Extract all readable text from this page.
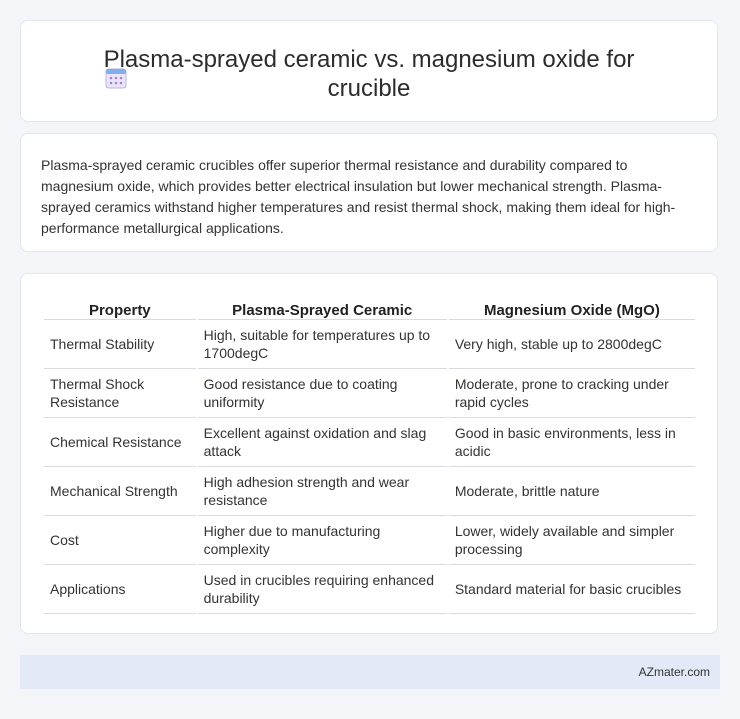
Plasma-sprayed ceramic vs. magnesium oxide for crucible

Plasma-sprayed ceramic crucibles offer superior thermal resistance and durability compared to magnesium oxide, which provides better electrical insulation but lower mechanical strength. Plasma-sprayed ceramics withstand higher temperatures and resist thermal shock, making them ideal for high-performance metallurgical applications.

Property	Plasma-Sprayed Ceramic	Magnesium Oxide (MgO)
Thermal Stability	High, suitable for temperatures up to 1700degC	Very high, stable up to 2800degC
Thermal Shock Resistance	Good resistance due to coating uniformity	Moderate, prone to cracking under rapid cycles
Chemical Resistance	Excellent against oxidation and slag attack	Good in basic environments, less in acidic
Mechanical Strength	High adhesion strength and wear resistance	Moderate, brittle nature
Cost	Higher due to manufacturing complexity	Lower, widely available and simpler processing
Applications	Used in crucibles requiring enhanced durability	Standard material for basic crucibles
AZmater.com
